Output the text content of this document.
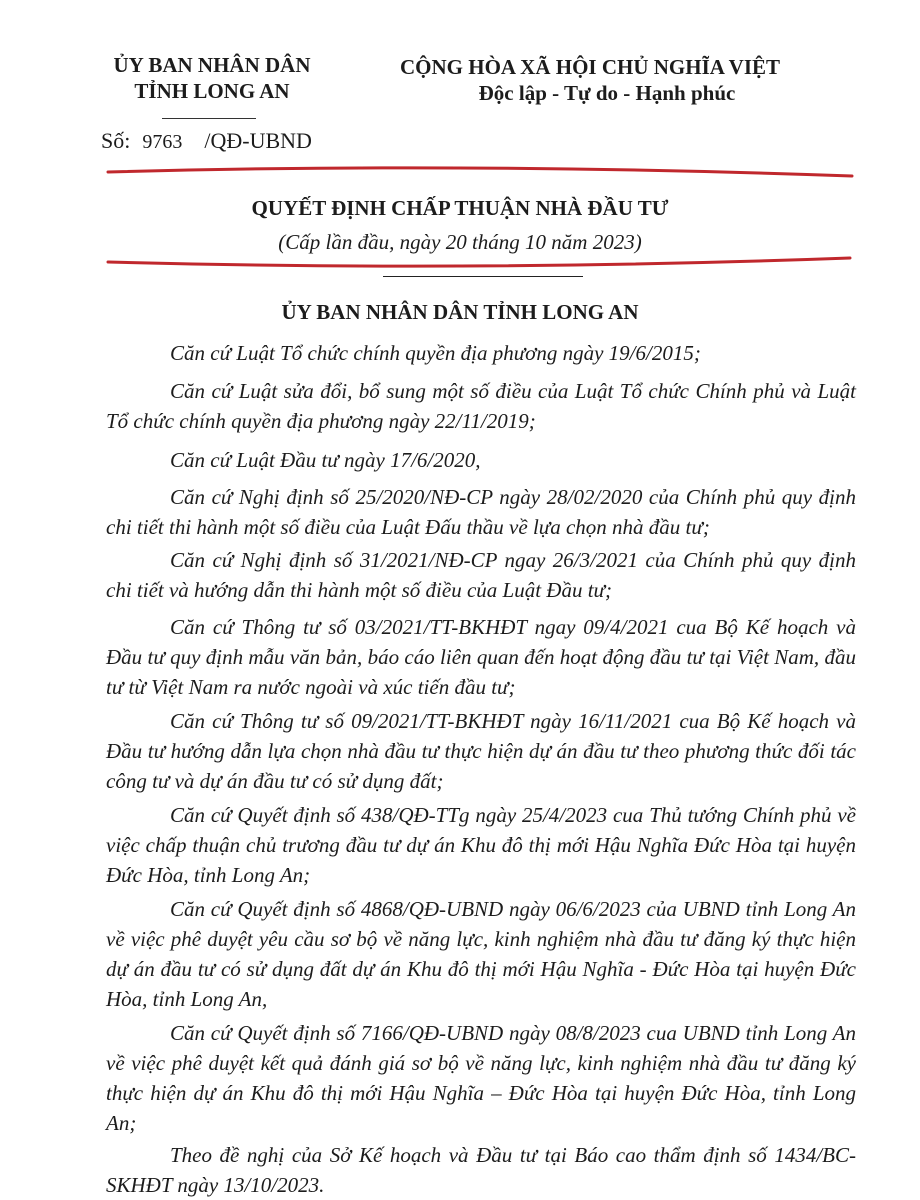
ỦY BAN NHÂN DÂN
TỈNH LONG AN
CỘNG HÒA XÃ HỘI CHỦ NGHĨA VIỆT
Độc lập - Tự do - Hạnh phúc
Số: 9763 /QĐ-UBND
QUYẾT ĐỊNH CHẤP THUẬN NHÀ ĐẦU TƯ
(Cấp lần đầu, ngày 20 tháng 10 năm 2023)
ỦY BAN NHÂN DÂN TỈNH LONG AN
Căn cứ Luật Tổ chức chính quyền địa phương ngày 19/6/2015;
Căn cứ Luật sửa đổi, bổ sung một số điều của Luật Tổ chức Chính phủ và Luật Tổ chức chính quyền địa phương ngày 22/11/2019;
Căn cứ Luật Đầu tư ngày 17/6/2020,
Căn cứ Nghị định số 25/2020/NĐ-CP ngày 28/02/2020 của Chính phủ quy định chi tiết thi hành một số điều của Luật Đấu thầu về lựa chọn nhà đầu tư;
Căn cứ Nghị định số 31/2021/NĐ-CP ngay 26/3/2021 của Chính phủ quy định chi tiết và hướng dẫn thi hành một số điều của Luật Đầu tư;
Căn cứ Thông tư số 03/2021/TT-BKHĐT ngay 09/4/2021 cua Bộ Kế hoạch và Đầu tư quy định mẫu văn bản, báo cáo liên quan đến hoạt động đầu tư tại Việt Nam, đầu tư từ Việt Nam ra nước ngoài và xúc tiến đầu tư;
Căn cứ Thông tư số 09/2021/TT-BKHĐT ngày 16/11/2021 cua Bộ Kế hoạch và Đầu tư hướng dẫn lựa chọn nhà đầu tư thực hiện dự án đầu tư theo phương thức đối tác công tư và dự án đầu tư có sử dụng đất;
Căn cứ Quyết định số 438/QĐ-TTg ngày 25/4/2023 cua Thủ tướng Chính phủ về việc chấp thuận chủ trương đầu tư dự án Khu đô thị mới Hậu Nghĩa Đức Hòa tại huyện Đức Hòa, tỉnh Long An;
Căn cứ Quyết định số 4868/QĐ-UBND ngày 06/6/2023 của UBND tỉnh Long An về việc phê duyệt yêu cầu sơ bộ về năng lực, kinh nghiệm nhà đầu tư đăng ký thực hiện dự án đầu tư có sử dụng đất dự án Khu đô thị mới Hậu Nghĩa - Đức Hòa tại huyện Đức Hòa, tỉnh Long An,
Căn cứ Quyết định số 7166/QĐ-UBND ngày 08/8/2023 cua UBND tỉnh Long An về việc phê duyệt kết quả đánh giá sơ bộ về năng lực, kinh nghiệm nhà đầu tư đăng ký thực hiện dự án Khu đô thị mới Hậu Nghĩa – Đức Hòa tại huyện Đức Hòa, tỉnh Long An;
Theo đề nghị của Sở Kế hoạch và Đầu tư tại Báo cao thẩm định số 1434/BC-SKHĐT ngày 13/10/2023.
